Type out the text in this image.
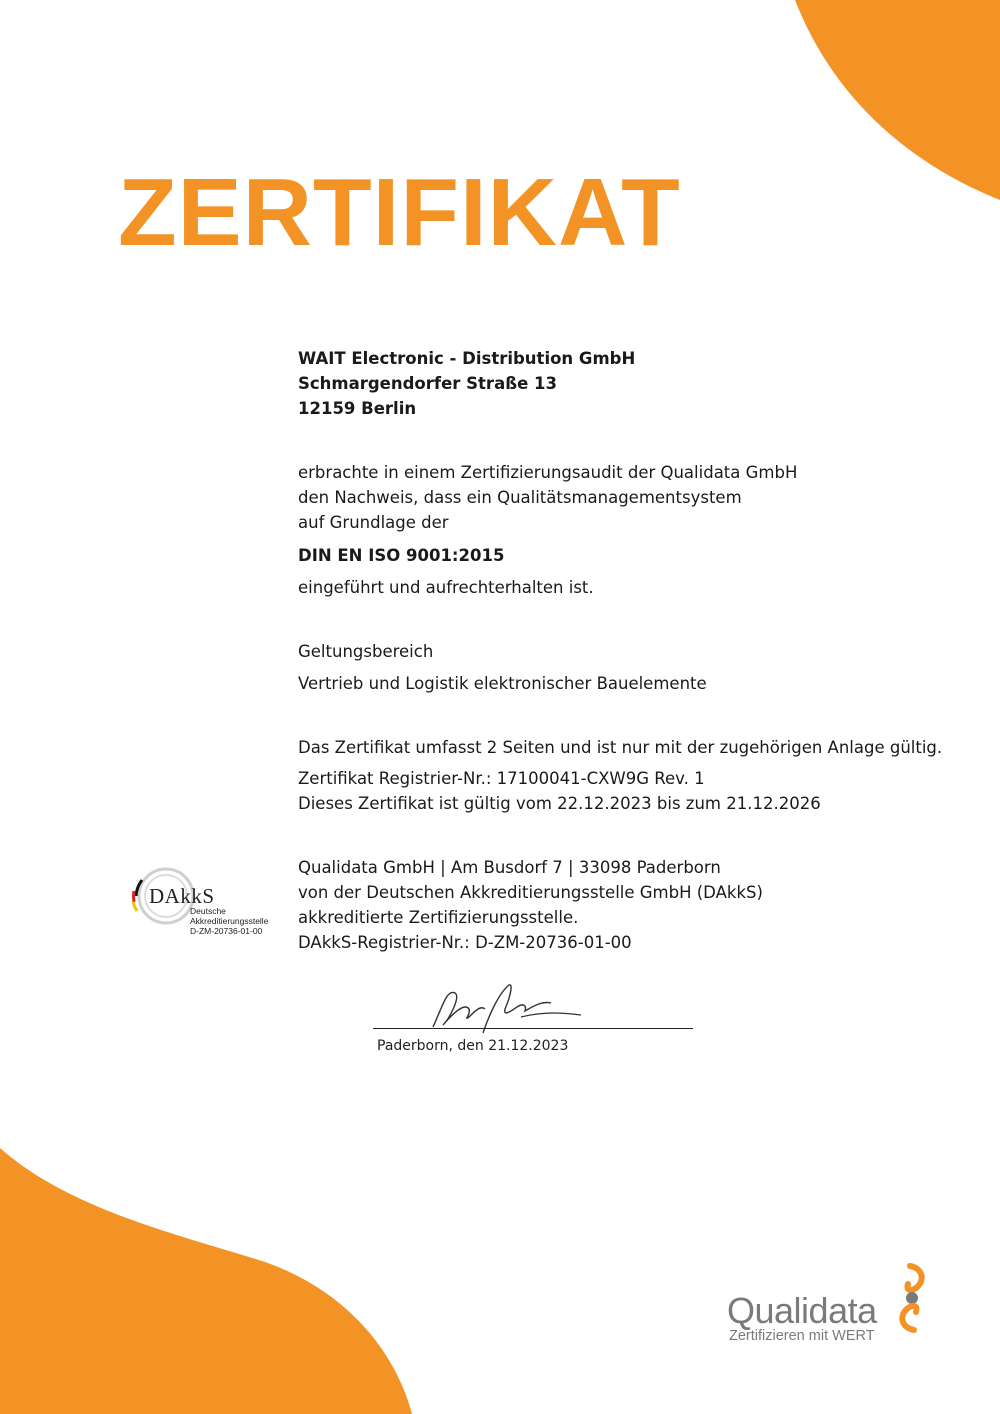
ZERTIFIKAT
WAIT Electronic - Distribution GmbH
Schmargendorfer Straße 13
12159 Berlin
erbrachte in einem Zertifizierungsaudit der Qualidata GmbH
den Nachweis, dass ein Qualitätsmanagementsystem
auf Grundlage der
DIN EN ISO 9001:2015
eingeführt und aufrechterhalten ist.
Geltungsbereich
Vertrieb und Logistik elektronischer Bauelemente
Das Zertifikat umfasst 2 Seiten und ist nur mit der zugehörigen Anlage gültig.
Zertifikat Registrier-Nr.: 17100041-CXW9G Rev. 1
Dieses Zertifikat ist gültig vom 22.12.2023 bis zum 21.12.2026
Qualidata GmbH | Am Busdorf 7 | 33098 Paderborn
von der Deutschen Akkreditierungsstelle GmbH (DAkkS)
akkreditierte Zertifizierungsstelle.
DAkkS-Registrier-Nr.: D-ZM-20736-01-00
DAkkS
Deutsche
Akkreditierungsstelle
D-ZM-20736-01-00
Paderborn, den 21.12.2023
Qualidata
Zertifizieren mit WERT
